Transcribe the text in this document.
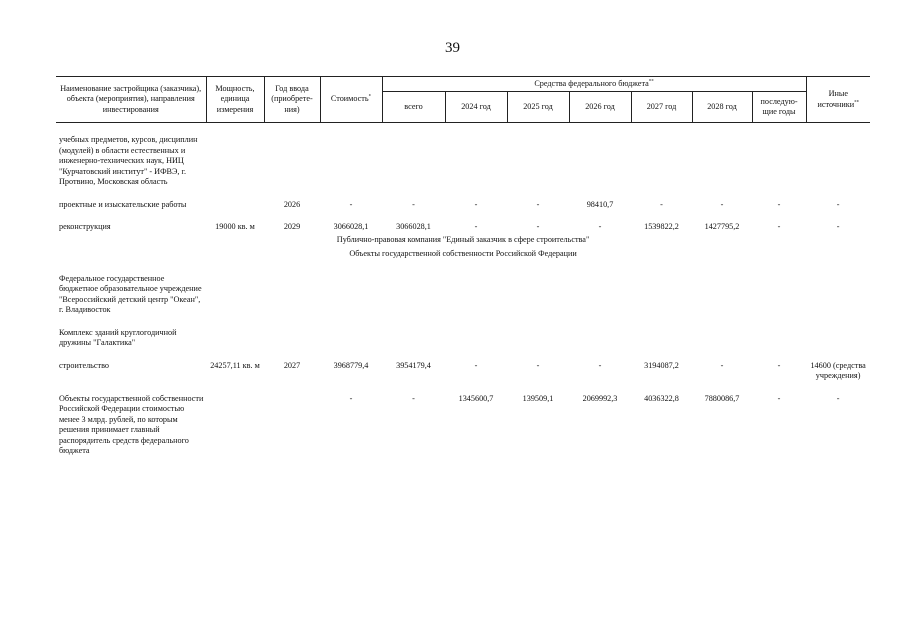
39
Наименование застройщика (заказчика), объекта (мероприятия), направления инвестирования	Мощность, единица измерения	Год ввода (приобрете- ния)	Стоимость*	Средства федерального бюджета**							Иные источники**
				всего	2024 год	2025 год	2026 год	2027 год	2028 год	последую- щие годы	

учебных предметов, курсов, дисциплин (модулей) в области естественных и инженерно-технических наук, НИЦ "Курчатовский институт" - ИФВЭ, г. Протвино, Московская область											

проектные и изыскательские работы		2026	-	-	-	-	98410,7	-	-	-	-

реконструкция	19000 кв. м	2029	3066028,1	3066028,1	-	-	-	1539822,2	1427795,2	-	-
Публично-правовая компания "Единый заказчик в сфере строительства"											
Объекты государственной собственности Российской Федерации											

Федеральное государственное бюджетное образовательное учреждение "Всероссийский детский центр "Океан", г. Владивосток											

Комплекс зданий круглогодичной дружины "Галактика"											

строительство	24257,11 кв. м	2027	3968779,4	3954179,4	-	-	-	3194087,2	-	-	14600 (средства учреждения)

Объекты государственной собственности Российской Федерации стоимостью менее 3 млрд. рублей, по которым решения принимает главный распорядитель средств федерального бюджета			-	-	1345600,7	139509,1	2069992,3	4036322,8	7880086,7	-	-
